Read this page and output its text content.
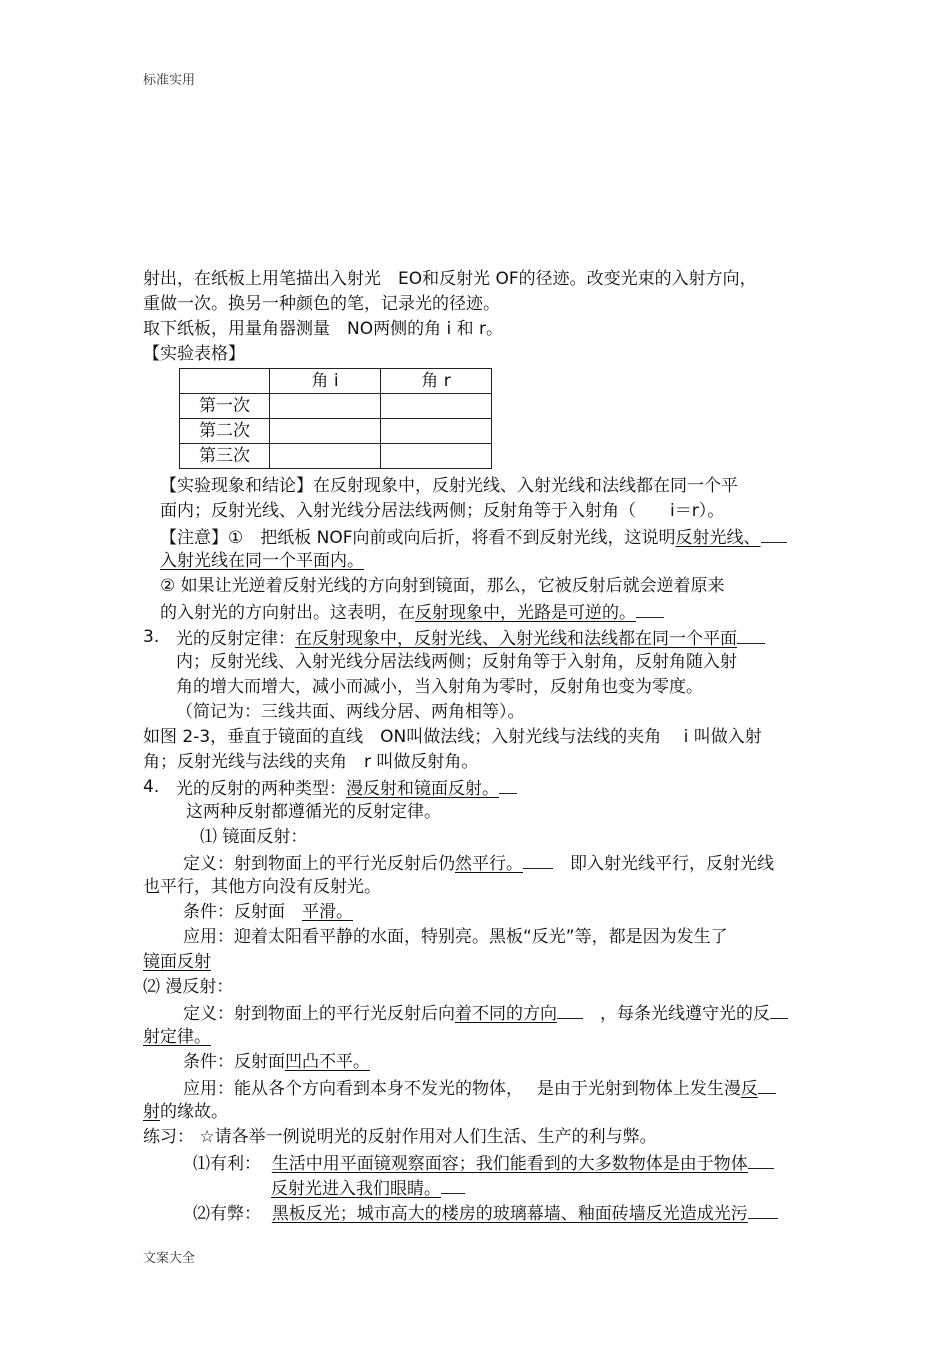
标准实用
文案大全
射出，在纸板上用笔描出入射光　EO和反射光 OF的径迹。改变光束的入射方向，
重做一次。换另一种颜色的笔，记录光的径迹。
取下纸板，用量角器测量　NO两侧的角 i 和 r。
【实验表格】
	角 i	角 r
第一次		
第二次		
第三次		
【实验现象和结论】在反射现象中，反射光线、入射光线和法线都在同一个平
面内；反射光线、入射光线分居法线两侧；反射角等于入射角（　　i＝r）。
【注意】①　把纸板 NOF向前或向后折，将看不到反射光线，这说明反射光线、
入射光线在同一个平面内。
② 如果让光逆着反射光线的方向射到镜面，那么，它被反射后就会逆着原来
的入射光的方向射出。这表明，在反射现象中，光路是可逆的。
3. 光的反射定律：在反射现象中，反射光线、入射光线和法线都在同一个平面
内；反射光线、入射光线分居法线两侧；反射角等于入射角，反射角随入射
角的增大而增大，减小而减小，当入射角为零时，反射角也变为零度。
（简记为：三线共面、两线分居、两角相等）。
如图 2-3，垂直于镜面的直线　ON叫做法线；入射光线与法线的夹角　 i 叫做入射
角；反射光线与法线的夹角　r 叫做反射角。
4. 光的反射的两种类型：漫反射和镜面反射。
这两种反射都遵循光的反射定律。
⑴ 镜面反射：
定义：射到物面上的平行光反射后仍然平行。　即入射光线平行，反射光线
也平行，其他方向没有反射光。
条件：反射面　平滑。
应用：迎着太阳看平静的水面，特别亮。黑板“反光”等，都是因为发生了
镜面反射
⑵ 漫反射：
定义：射到物面上的平行光反射后向着不同的方向　，每条光线遵守光的反
射定律。
条件：反射面凹凸不平。
应用：能从各个方向看到本身不发光的物体，　 是由于光射到物体上发生漫反
射的缘故。
练习： ☆请各举一例说明光的反射作用对人们生活、生产的利与弊。
⑴有利： 生活中用平面镜观察面容；我们能看到的大多数物体是由于物体
反射光进入我们眼睛。
⑵有弊： 黑板反光；城市高大的楼房的玻璃幕墙、釉面砖墙反光造成光污
